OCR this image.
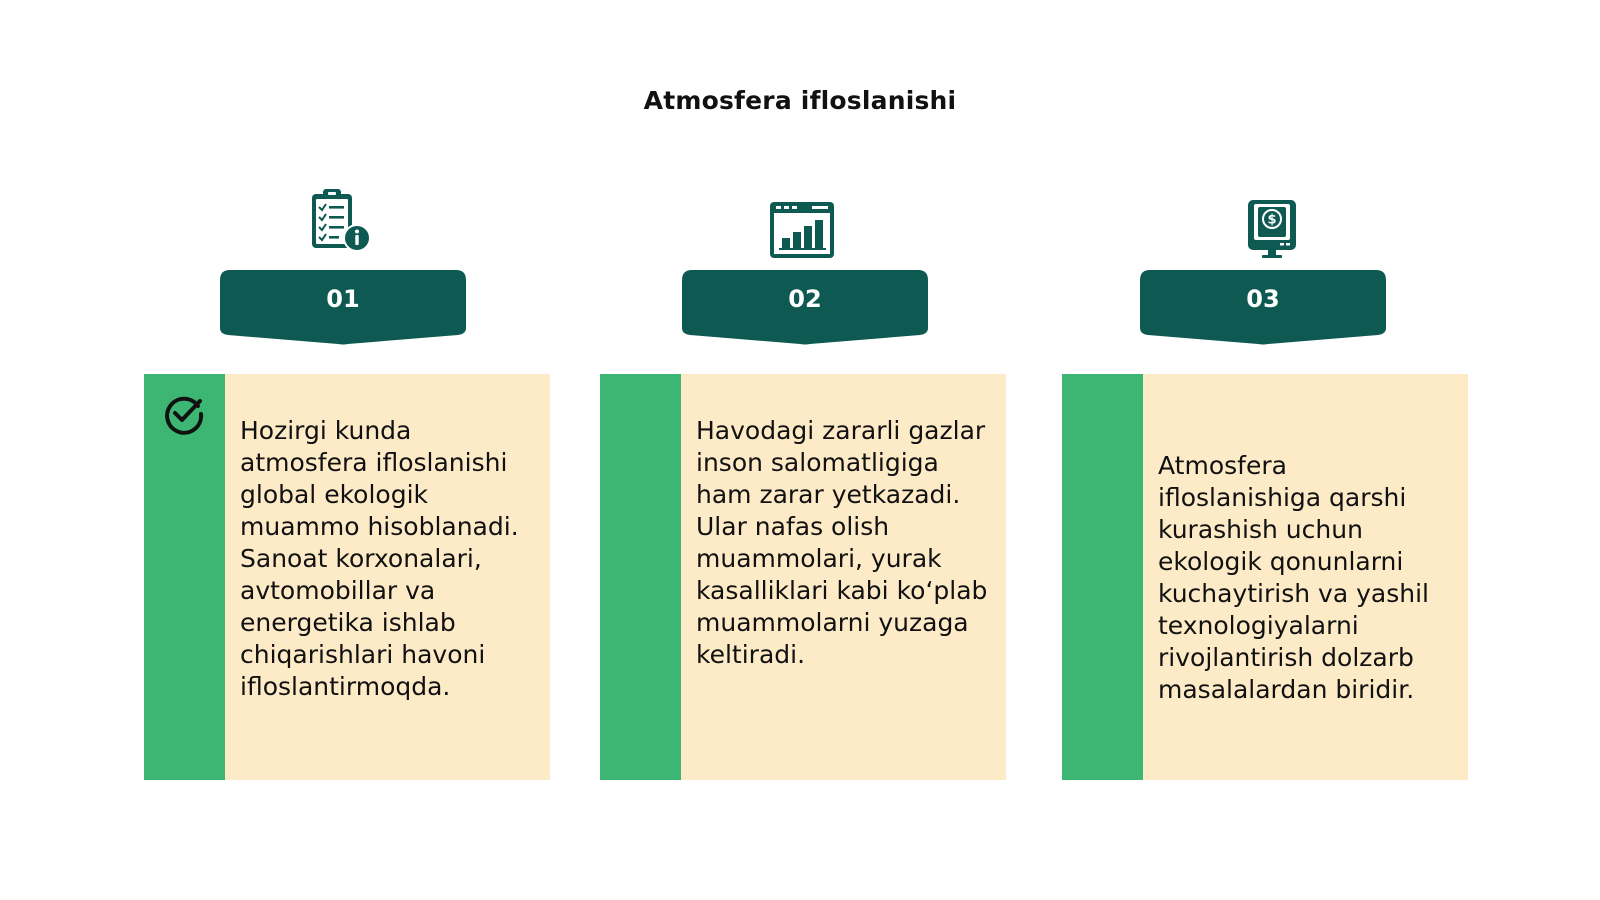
Atmosfera ifloslanishi
01
Hozirgi kunda atmosfera ifloslanishi global ekologik muammo hisoblanadi. Sanoat korxonalari, avtomobillar va energetika ishlab chiqarishlari havoni ifloslantirmoqda.
02
Havodagi zararli gazlar inson salomatligiga ham zarar yetkazadi. Ular nafas olish muammolari, yurak kasalliklari kabi ko‘plab muammolarni yuzaga keltiradi.
$
03
Atmosfera ifloslanishiga qarshi kurashish uchun ekologik qonunlarni kuchaytirish va yashil texnologiyalarni rivojlantirish dolzarb masalalardan biridir.
